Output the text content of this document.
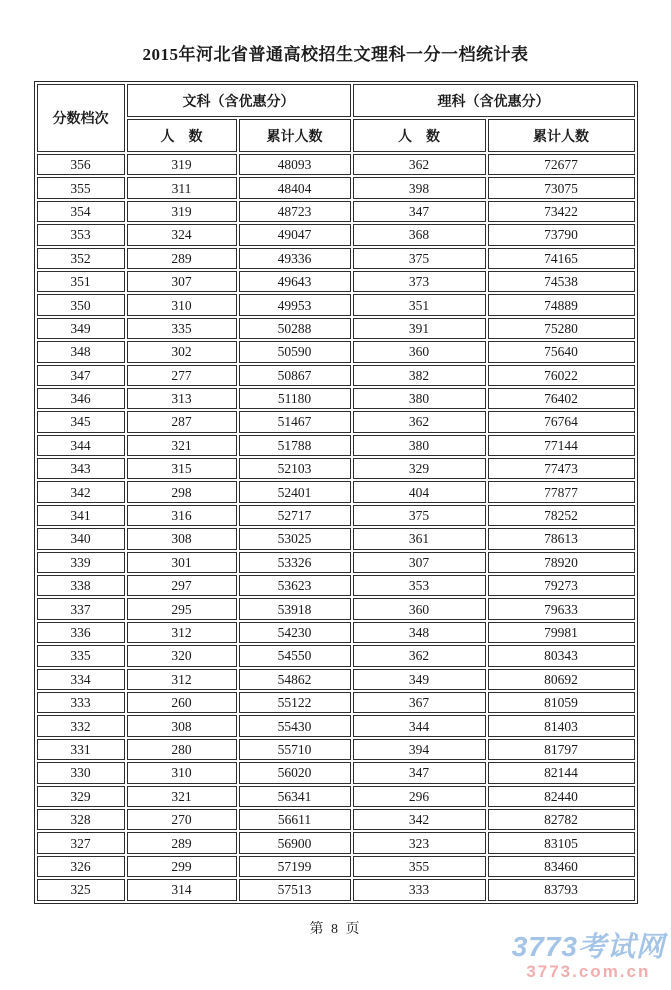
2015年河北省普通高校招生文理科一分一档统计表
分数档次	文科（含优惠分）		理科（含优惠分）	
	人　数	累计人数	人　数	累计人数
356	319	48093	362	72677
355	311	48404	398	73075
354	319	48723	347	73422
353	324	49047	368	73790
352	289	49336	375	74165
351	307	49643	373	74538
350	310	49953	351	74889
349	335	50288	391	75280
348	302	50590	360	75640
347	277	50867	382	76022
346	313	51180	380	76402
345	287	51467	362	76764
344	321	51788	380	77144
343	315	52103	329	77473
342	298	52401	404	77877
341	316	52717	375	78252
340	308	53025	361	78613
339	301	53326	307	78920
338	297	53623	353	79273
337	295	53918	360	79633
336	312	54230	348	79981
335	320	54550	362	80343
334	312	54862	349	80692
333	260	55122	367	81059
332	308	55430	344	81403
331	280	55710	394	81797
330	310	56020	347	82144
329	321	56341	296	82440
328	270	56611	342	82782
327	289	56900	323	83105
326	299	57199	355	83460
325	314	57513	333	83793
第 8 页
3773考试网
3773.com.cn
